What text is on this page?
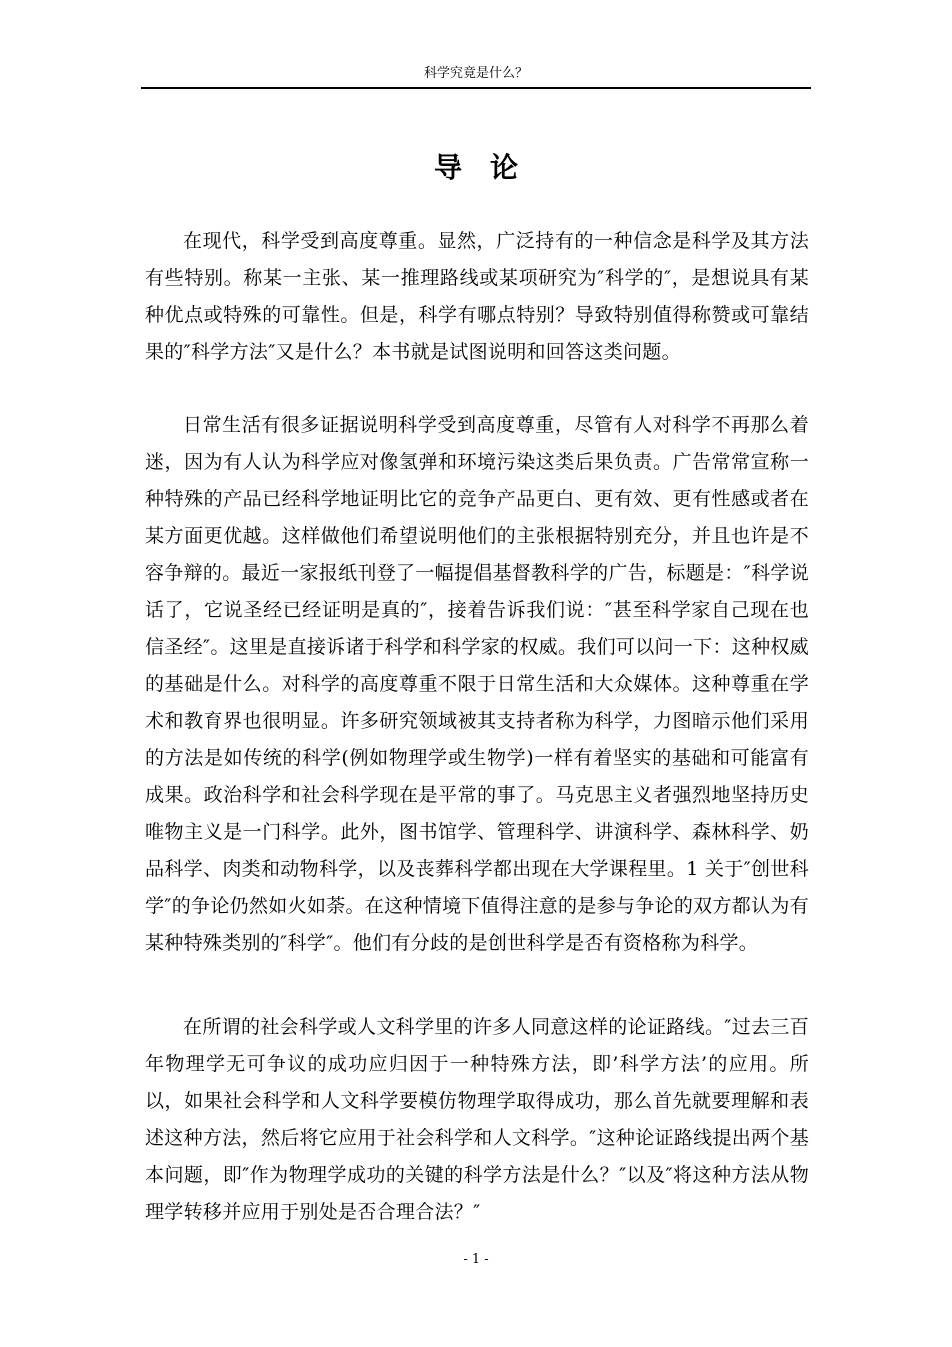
科学究竟是什么？
导论

在现代，科学受到高度尊重。显然，广泛持有的一种信念是科学及其方法有些特别。称某一主张、某一推理路线或某项研究为″科学的″，是想说具有某种优点或特殊的可靠性。但是，科学有哪点特别？导致特别值得称赞或可靠结果的″科学方法″又是什么？本书就是试图说明和回答这类问题。

日常生活有很多证据说明科学受到高度尊重，尽管有人对科学不再那么着迷，因为有人认为科学应对像氢弹和环境污染这类后果负责。广告常常宣称一种特殊的产品已经科学地证明比它的竞争产品更白、更有效、更有性感或者在某方面更优越。这样做他们希望说明他们的主张根据特别充分，并且也许是不容争辩的。最近一家报纸刊登了一幅提倡基督教科学的广告，标题是：″科学说话了，它说圣经已经证明是真的″，接着告诉我们说：″甚至科学家自己现在也信圣经″。这里是直接诉诸于科学和科学家的权威。我们可以问一下：这种权威的基础是什么。对科学的高度尊重不限于日常生活和大众媒体。这种尊重在学术和教育界也很明显。许多研究领域被其支持者称为科学，力图暗示他们采用的方法是如传统的科学(例如物理学或生物学)一样有着坚实的基础和可能富有成果。政治科学和社会科学现在是平常的事了。马克思主义者强烈地坚持历史唯物主义是一门科学。此外，图书馆学、管理科学、讲演科学、森林科学、奶品科学、肉类和动物科学，以及丧葬科学都出现在大学课程里。1 关于″创世科学″的争论仍然如火如荼。在这种情境下值得注意的是参与争论的双方都认为有某种特殊类别的″科学″。他们有分歧的是创世科学是否有资格称为科学。

在所谓的社会科学或人文科学里的许多人同意这样的论证路线。″过去三百年物理学无可争议的成功应归因于一种特殊方法，即’科学方法’的应用。所以，如果社会科学和人文科学要模仿物理学取得成功，那么首先就要理解和表述这种方法，然后将它应用于社会科学和人文科学。″这种论证路线提出两个基本问题，即″作为物理学成功的关键的科学方法是什么？″以及″将这种方法从物理学转移并应用于别处是否合理合法？″

- 1 -
